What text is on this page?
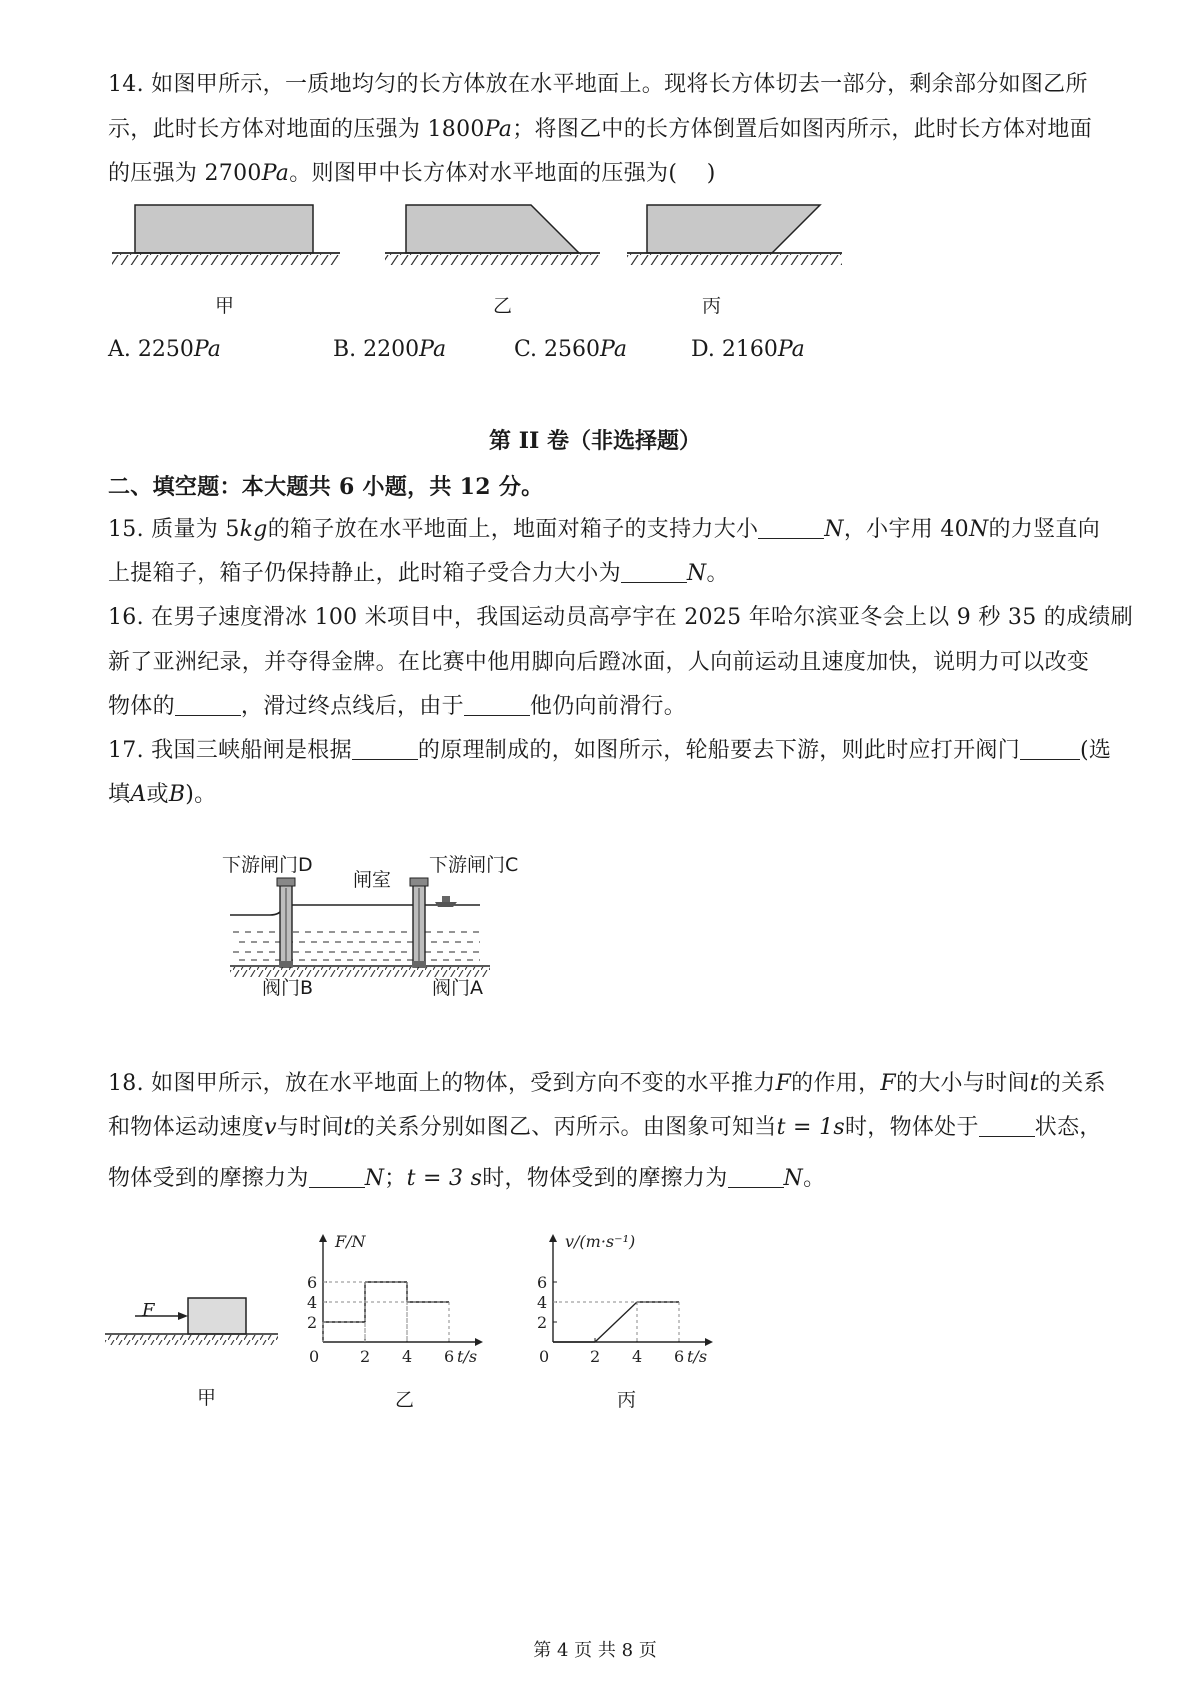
14. 如图甲所示，一质地均匀的长方体放在水平地面上。现将长方体切去一部分，剩余部分如图乙所
示，此时长方体对地面的压强为 1800Pa；将图乙中的长方体倒置后如图丙所示，此时长方体对地面
的压强为 2700Pa。则图甲中长方体对水平地面的压强为(　 )
甲	乙	丙
A. 2250Pa	B. 2200Pa	C. 2560Pa	D. 2160Pa
第 II 卷（非选择题）
二、填空题：本大题共 6 小题，共 12 分。
15. 质量为 5kg的箱子放在水平地面上，地面对箱子的支持力大小	N，小宇用 40N的力竖直向
上提箱子，箱子仍保持静止，此时箱子受合力大小为	N。
16. 在男子速度滑冰 100 米项目中，我国运动员高亭宇在 2025 年哈尔滨亚冬会上以 9 秒 35 的成绩刷
新了亚洲纪录，并夺得金牌。在比赛中他用脚向后蹬冰面，人向前运动且速度加快，说明力可以改变
物体的	，滑过终点线后，由于	他仍向前滑行。
17. 我国三峡船闸是根据	的原理制成的，如图所示，轮船要去下游，则此时应打开阀门	(选
填A或B)。
下游闸门D
闸室
下游闸门C
阀门B	阀门A
18. 如图甲所示，放在水平地面上的物体，受到方向不变的水平推力F的作用，F的大小与时间t的关系
和物体运动速度v与时间t的关系分别如图乙、丙所示。由图象可知当t = 1s时，物体处于	状态，
物体受到的摩擦力为	N；t = 3 s时，物体受到的摩擦力为	N。
F
甲
F/N
t/s
0	2 4 6
2
4
6
乙
v/(m·s⁻¹)
t/s
0	2 4 6
2
4
6
丙
第 4 页 共 8 页
